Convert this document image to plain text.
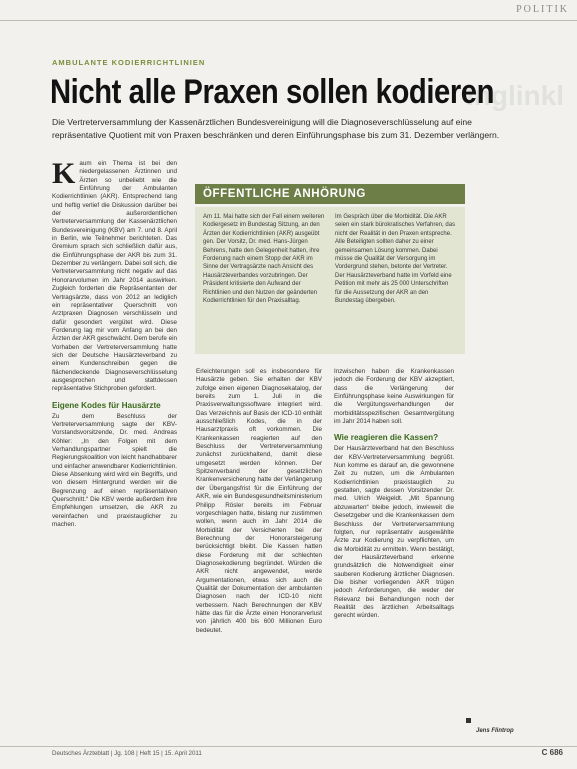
POLITIK
AMBULANTE KODIERRICHTLINIEN
Inglinkl
Nicht alle Praxen sollen kodieren
Die Vertreterversammlung der Kassenärztlichen Bundesvereinigung will die Diagnoseverschlüsselung auf eine repräsentative Quotient mit von Praxen beschränken und deren Einführungsphase bis zum 31. Dezember verlängern.
K aum ein Thema ist bei den niedergelassenen Ärztinnen und Ärzten so unbeliebt wie die Einführung der Ambulanten Kodierrichtlinien (AKR). Entsprechend lang und heftig verlief die Diskussion darüber bei der außerordentlichen Vertreterversammlung der Kassenärztlichen Bundesvereinigung (KBV) am 7. und 8. April in Berlin, wie Teilnehmer berichteten. Das Gremium sprach sich schließlich dafür aus, die Einführungsphase der AKR bis zum 31. Dezember zu verlängern. Dabei soll sich, die Vertreterversammlung nicht negativ auf das Honorarvolumen im Jahr 2014 auswirken. Zugleich forderten die Repräsentanten der Vertragsärzte, dass von 2012 an lediglich ein repräsentativer Querschnitt von Arztpraxen Diagnosen verschlüsseln und dafür gesondert vergütet wird. Diese Forderung lag mir vom Anfang an bei den Ärzten der AKR geschwächt. Dem berufe ein Vorhaben der Vertreterversammlung hatte sich der Deutsche Hausärzteverband zu einem Kundenschreiben gegen die flächendeckende Diagnoseverschlüsselung ausgesprochen und stattdessen repräsentative Stichproben gefordert.

Eigene Kodes für Hausärzte

Zu dem Beschluss der Vertreterversammlung sagte der KBV-Vorstandsvorsitzende, Dr. med. Andreas Köhler: „In den Folgen mit dem Verhandlungspartner spielt die Regierungskoalition von leicht handhabbarer und einfacher anwendbarer Kodierrichtlinien. Diese Absenkung wird wird ein Begriffs, und von diesem Hintergrund werden wir die Begrenzung auf einen repräsentativen Querschnitt.“ Die KBV werde außerdem ihre Empfehlungen umsetzen, die AKR zu vereinfachen und praxistauglicher zu machen.

ÖFFENTLICHE ANHÖRUNG

Am 11. Mai hatte sich der Fall einem weiteren Kodiergesetz im Bundestag Sitzung, an den Ärzten der Kodierrichtlinien (AKR) ausgeübt gen. Der Vorsitz, Dr. med. Hans-Jürgen Behrens, hatte den Gelegenheit hatten, ihre Forderung nach einem Stopp der AKR im Sinne der Vertragsärzte nach Ansicht des Hausärzteverbandes vorzubringen. Der Präsident kritisierte den Aufwand der Richtlinien und den Nutzen der geänderten Kodierrichtlinien für den Praxisalltag.

Im Gespräch über die Morbidität. Die AKR seien ein stark bürokratisches Verfahren, das nicht der Realität in den Praxen entspreche. Alle Beteiligten sollten daher zu einer gemeinsamen Lösung kommen. Dabei müsse die Qualität der Versorgung im Vordergrund stehen, betonte der Vertreter. Der Hausärzteverband hatte im Vorfeld eine Petition mit mehr als 25 000 Unterschriften für die Aussetzung der AKR an den Bundestag übergeben.

Erleichterungen soll es insbesondere für Hausärzte geben. Sie erhalten der KBV zufolge einen eigenen Diagnosekatalog, der bereits zum 1. Juli in die Praxisverwaltungssoftware integriert wird. Das Verzeichnis auf Basis der ICD-10 enthält ausschließlich Kodes, die in der Hausarztpraxis oft vorkommen. Die Krankenkassen reagierten auf den Beschluss der Vertreterversammlung zunächst zurückhaltend, damit diese umgesetzt werden können. Der Spitzenverband der gesetzlichen Krankenversicherung hatte der Verlängerung der Übergangsfrist für die Einführung der AKR, wie ein Bundesgesundheitsministerium Philipp Rösler bereits im Februar vorgeschlagen hatte, bislang nur zustimmen wollen, wenn auch im Jahr 2014 die Morbidität der Versicherten bei der Berechnung der Honorarsteigerung berücksichtigt bleibt. Die Kassen hatten diese Forderung mit der schlechten Diagnosekodierung begründet. Würden die AKR nicht angewendet, werde Argumentationen, etwas sich auch die Qualität der Dokumentation der ambulanten Diagnosen nach der ICD-10 nicht verbessern. Nach Berechnungen der KBV hätte das für die Ärzte einen Honorarverlust von jährlich 400 bis 600 Millionen Euro bedeutet.

Inzwischen haben die Krankenkassen jedoch die Forderung der KBV akzeptiert, dass die Verlängerung der Einführungsphase keine Auswirkungen für die Vergütungsverhandlungen der morbiditätsspezifischen Gesamtvergütung im Jahr 2014 haben soll.

Wie reagieren die Kassen?

Der Hausärzteverband hat den Beschluss der KBV-Vertreterversammlung begrüßt. Nun komme es darauf an, die gewonnene Zeit zu nutzen, um die Ambulanten Kodierrichtlinien praxistauglich zu gestalten, sagte dessen Vorsitzender Dr. med. Ulrich Weigeldt. „Mit Spannung abzuwarten“ bleibe jedoch, inwieweit die Gesetzgeber und die Krankenkassen dem Beschluss der Vertreterversammlung folgten, nur repräsentativ ausgewählte Ärzte zur Kodierung zu verpflichten, um die Morbidität zu ermitteln. Wenn bestätigt, der Hausärzteverband erkenne grundsätzlich die Notwendigkeit einer sauberen Kodierung ärztlicher Diagnosen. Die bisher vorliegenden AKR trügen jedoch Anforderungen, die weder der Relevanz bei Behandlungen noch der Realität des ärztlichen Arbeitsalltags gerecht würden.

Jens Flintrop
Deutsches Ärzteblatt | Jg. 108 | Heft 15 | 15. April 2011	C 686
